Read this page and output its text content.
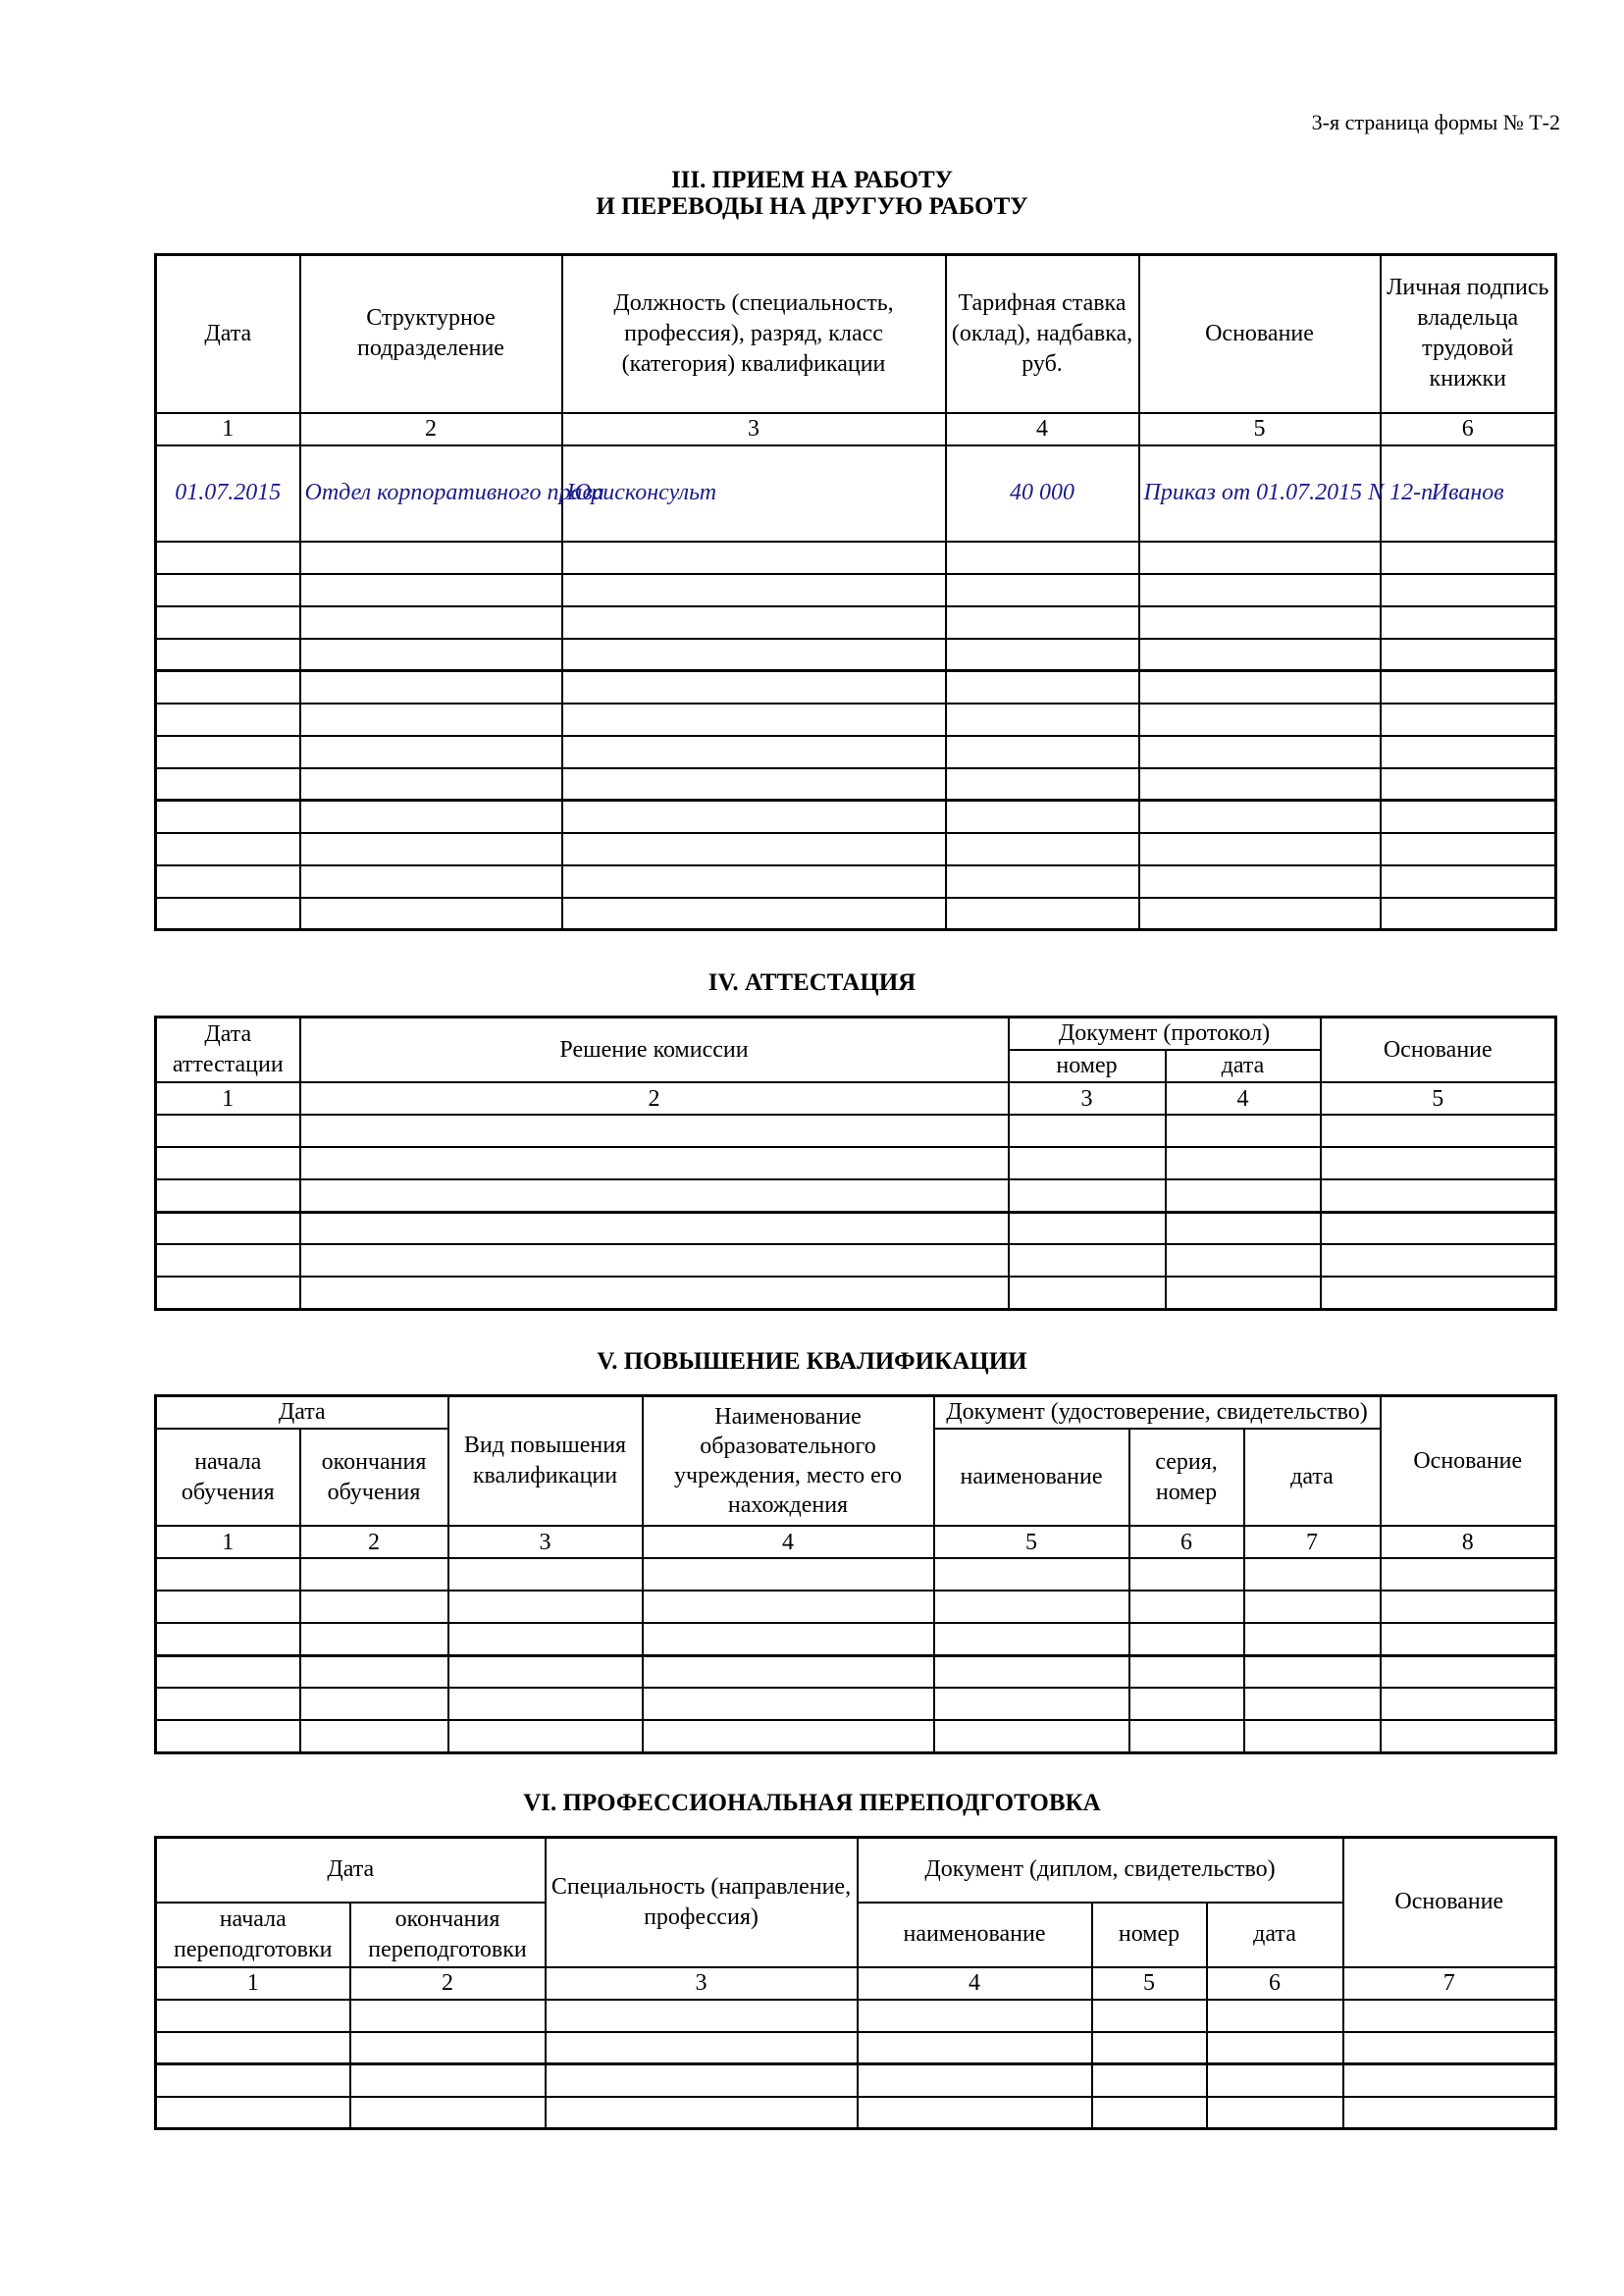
3-я страница формы № Т-2
III. ПРИЕМ НА РАБОТУ
И ПЕРЕВОДЫ НА ДРУГУЮ РАБОТУ
Дата	Структурное подразделение	Должность (специальность, профессия), разряд, класс (категория) квалификации	Тарифная ставка (оклад), надбавка, руб.	Основание	Личная подпись владельца трудовой книжки
1	2	3	4	5	6
01.07.2015	Отдел корпоративного права	Юрисконсульт	40 000	Приказ от 01.07.2015 N 12-п	Иванов

IV. АТТЕСТАЦИЯ
Дата аттестации	Решение комиссии	Документ (протокол)		Основание
		номер	дата	
1	2	3	4	5

V. ПОВЫШЕНИЕ КВАЛИФИКАЦИИ
Дата		Вид повышения квалификации	Наименование образовательного учреждения, место его нахождения	Документ (удостоверение, свидетельство)			Основание
начала обучения	окончания обучения			наименование	серия, номер	дата	
1	2	3	4	5	6	7	8

VI. ПРОФЕССИОНАЛЬНАЯ ПЕРЕПОДГОТОВКА
Дата		Специальность (направление, профессия)	Документ (диплом, свидетельство)			Основание
начала переподготовки	окончания переподготовки		наименование	номер	дата	
1	2	3	4	5	6	7
